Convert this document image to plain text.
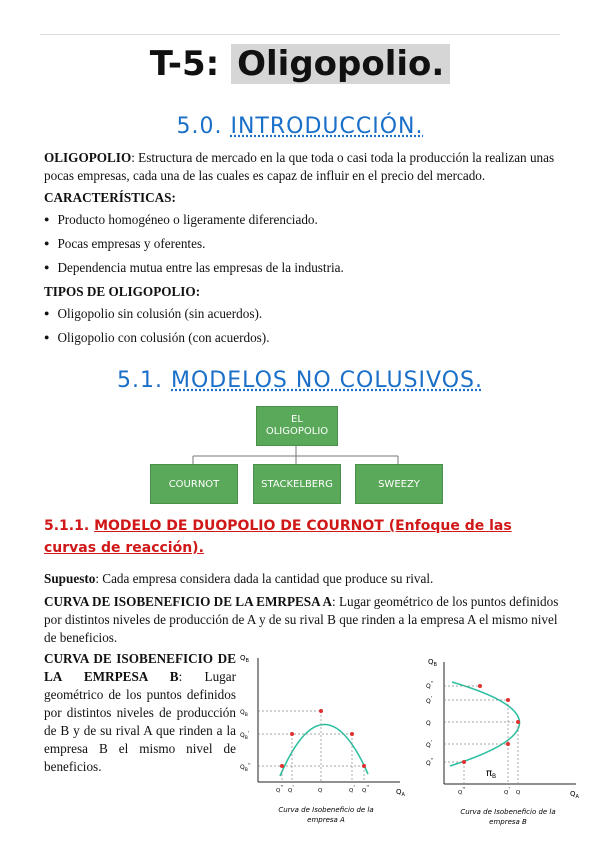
T-5: Oligopolio.
5.0. INTRODUCCIÓN.
OLIGOPOLIO: Estructura de mercado en la que toda o casi toda la producción la realizan unas pocas empresas, cada una de las cuales es capaz de influir en el precio del mercado.
CARACTERÍSTICAS:
● Producto homogéneo o ligeramente diferenciado.
● Pocas empresas y oferentes.
● Dependencia mutua entre las empresas de la industria.
TIPOS DE OLIGOPOLIO:
● Oligopolio sin colusión (sin acuerdos).
● Oligopolio con colusión (con acuerdos).
5.1. MODELOS NO COLUSIVOS.
EL
OLIGOPOLIO
COURNOT	STACKELBERG	SWEEZY
5.1.1. MODELO DE DUOPOLIO DE COURNOT (Enfoque de las curvas de reacción).
Supuesto: Cada empresa considera dada la cantidad que produce su rival.
CURVA DE ISOBENEFICIO DE LA EMRPESA A: Lugar geométrico de los puntos definidos por distintos niveles de producción de A y de su rival B que rinden a la empresa A el mismo nivel de beneficios.
CURVA DE ISOBENEFICIO DE LA EMRPESA B: Lugar geométrico de los puntos definidos por distintos niveles de producción de B y de su rival A que rinden a la empresa B el mismo nivel de beneficios.
$Q_B$
$Q_A$
$Q_B$
$Q_B'$
$Q_B''$
Q'' Q'	Q	Q' Q''
Curva de Isobeneficio de la
empresa A
$Q_B$
$Q_A$
Q''
Q'
Q
Q'
Q''
Q''	Q' Q
$\pi_B$
Curva de Isobeneficio de la
empresa B
